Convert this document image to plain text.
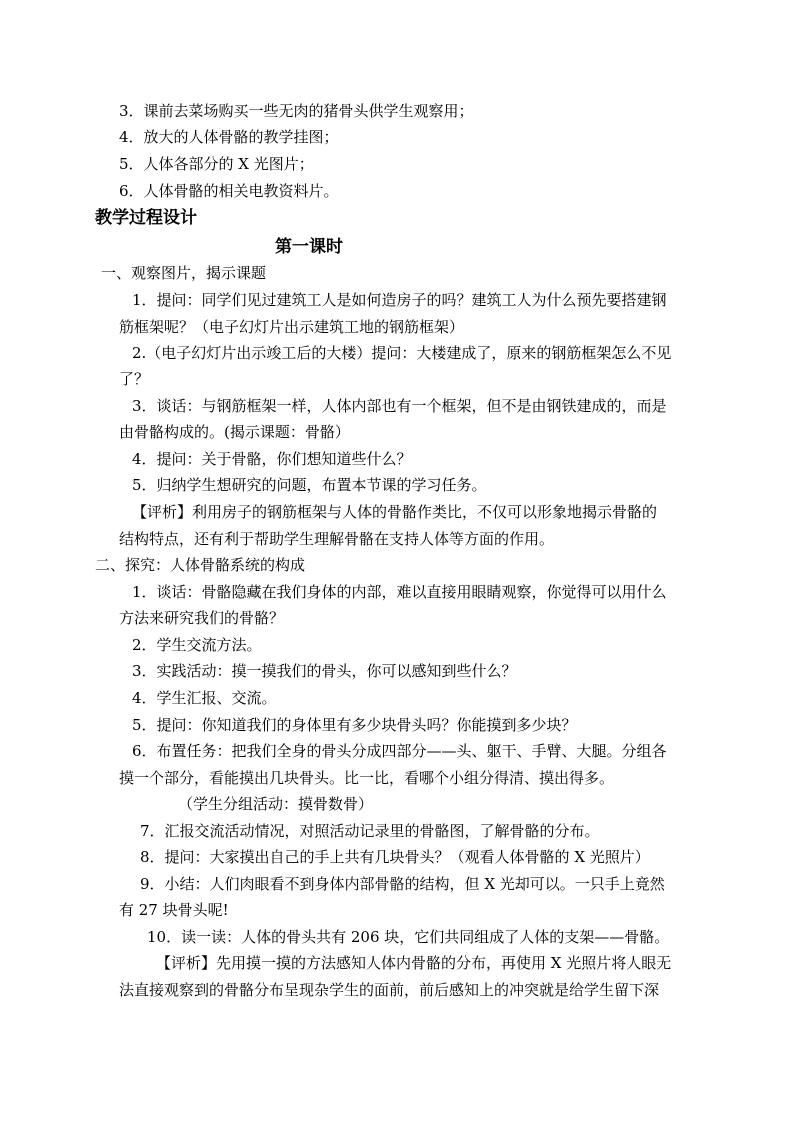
3．课前去菜场购买一些无肉的猪骨头供学生观察用；
4．放大的人体骨骼的教学挂图；
5．人体各部分的 X 光图片；
6．人体骨骼的相关电教资料片。
教学过程设计
第一课时
一、观察图片，揭示课题
1．提问：同学们见过建筑工人是如何造房子的吗？建筑工人为什么预先要搭建钢
筋框架呢？（电子幻灯片出示建筑工地的钢筋框架）
2.（电子幻灯片出示竣工后的大楼）提问：大楼建成了，原来的钢筋框架怎么不见
了？
3．谈话：与钢筋框架一样，人体内部也有一个框架，但不是由钢铁建成的，而是
由骨骼构成的。(揭示课题：骨骼）
4．提问：关于骨骼，你们想知道些什么？
5．归纳学生想研究的问题，布置本节课的学习任务。
【评析】利用房子的钢筋框架与人体的骨骼作类比，不仅可以形象地揭示骨骼的
结构特点，还有利于帮助学生理解骨骼在支持人体等方面的作用。
二、探究：人体骨骼系统的构成
1．谈话：骨骼隐藏在我们身体的内部，难以直接用眼睛观察，你觉得可以用什么
方法来研究我们的骨骼？
2．学生交流方法。
3．实践活动：摸一摸我们的骨头，你可以感知到些什么？
4．学生汇报、交流。
5．提问：你知道我们的身体里有多少块骨头吗？你能摸到多少块？
6．布置任务：把我们全身的骨头分成四部分——头、躯干、手臂、大腿。分组各
摸一个部分，看能摸出几块骨头。比一比，看哪个小组分得清、摸出得多。
（学生分组活动：摸骨数骨）
7．汇报交流活动情况，对照活动记录里的骨骼图，了解骨骼的分布。
8．提问：大家摸出自己的手上共有几块骨头？（观看人体骨骼的 X 光照片）
9．小结：人们肉眼看不到身体内部骨骼的结构，但 X 光却可以。一只手上竟然
有 27 块骨头呢!
10．读一读：人体的骨头共有 206 块，它们共同组成了人体的支架——骨骼。
【评析】先用摸一摸的方法感知人体内骨骼的分布，再使用 X 光照片将人眼无
法直接观察到的骨骼分布呈现杂学生的面前，前后感知上的冲突就是给学生留下深
